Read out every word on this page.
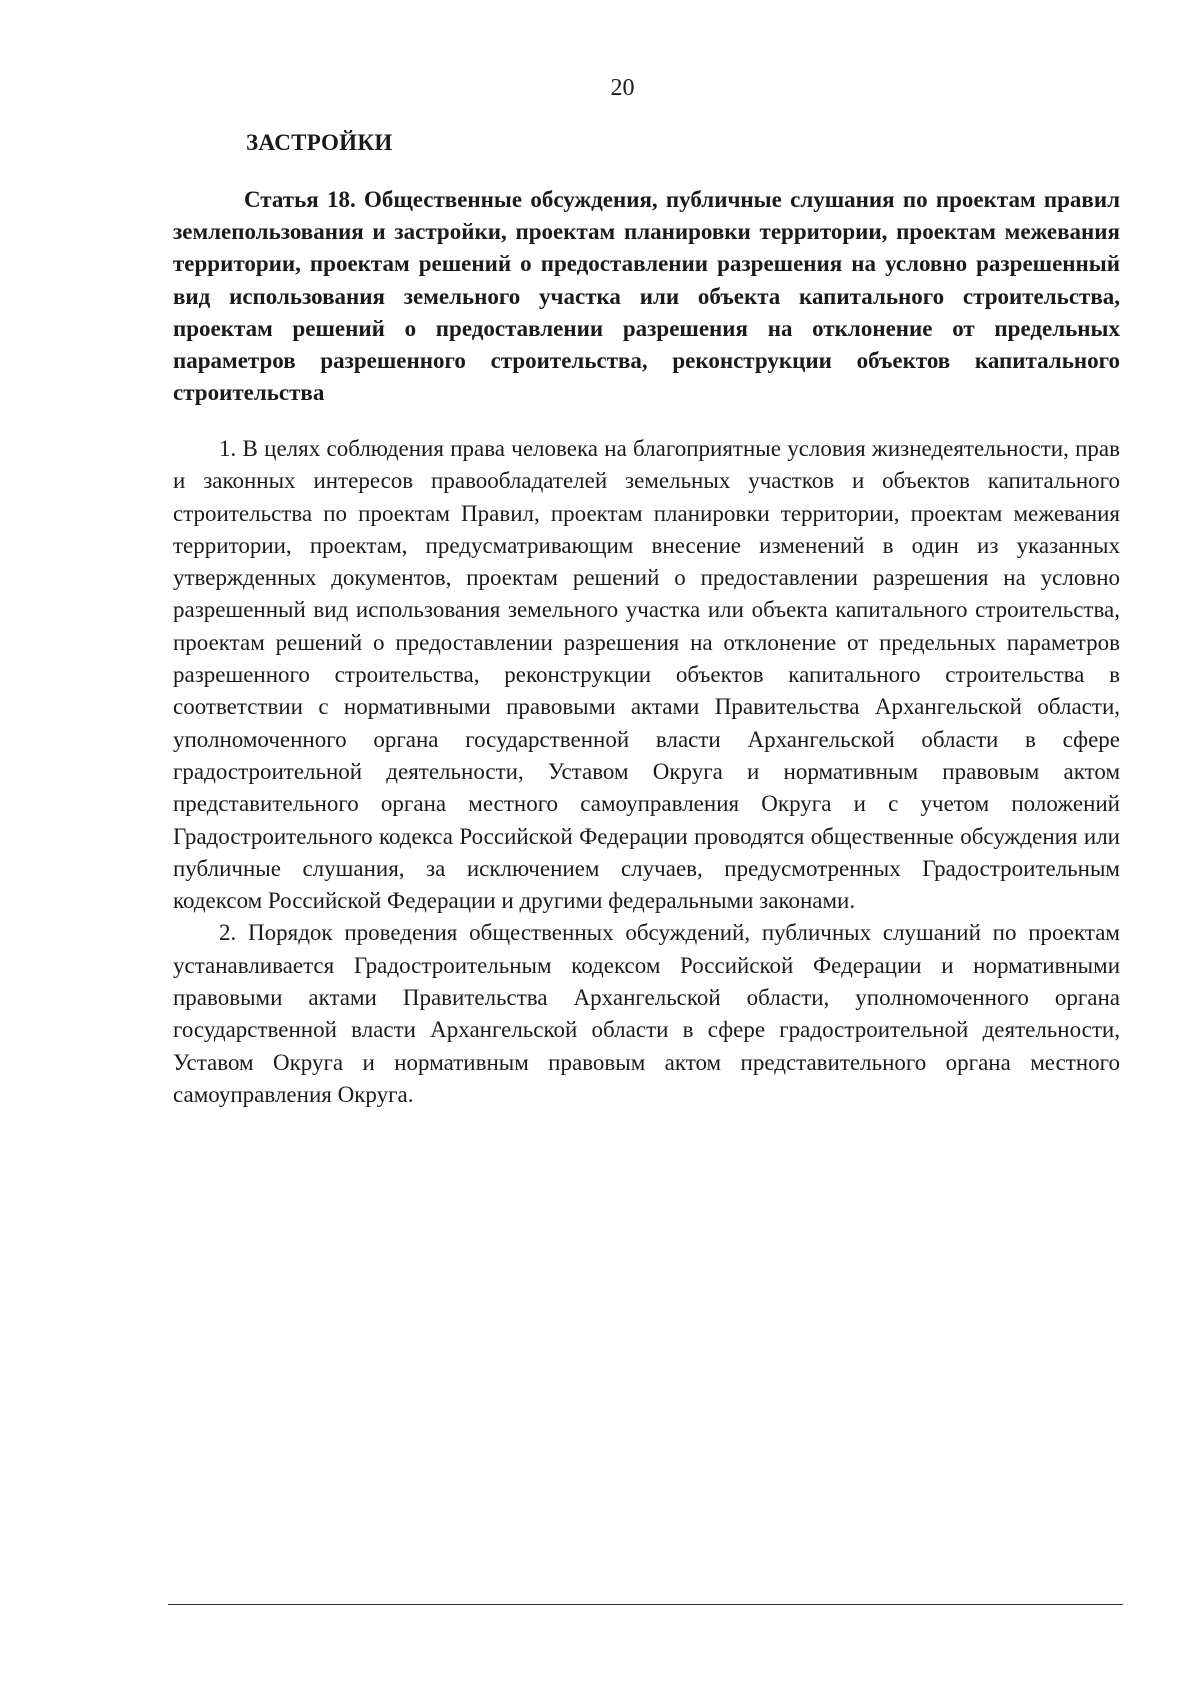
20
ЗАСТРОЙКИ

Статья 18. Общественные обсуждения, публичные слушания по проектам правил землепользования и застройки, проектам планировки территории, проектам межевания территории, проектам решений о предоставлении разрешения на условно разрешенный вид использования земельного участка или объекта капитального строительства, проектам решений о предоставлении разрешения на отклонение от предельных параметров разрешенного строительства, реконструкции объектов капитального строительства

1. В целях соблюдения права человека на благоприятные условия жизнедеятельности, прав и законных интересов правообладателей земельных участков и объектов капитального строительства по проектам Правил, проектам планировки территории, проектам межевания территории, проектам, предусматривающим внесение изменений в один из указанных утвержденных документов, проектам решений о предоставлении разрешения на условно разрешенный вид использования земельного участка или объекта капитального строительства, проектам решений о предоставлении разрешения на отклонение от предельных параметров разрешенного строительства, реконструкции объектов капитального строительства в соответствии с нормативными правовыми актами Правительства Архангельской области, уполномоченного органа государственной власти Архангельской области в сфере градостроительной деятельности, Уставом Округа и нормативным правовым актом представительного органа местного самоуправления Округа и с учетом положений Градостроительного кодекса Российской Федерации проводятся общественные обсуждения или публичные слушания, за исключением случаев, предусмотренных Градостроительным кодексом Российской Федерации и другими федеральными законами.

2. Порядок проведения общественных обсуждений, публичных слушаний по проектам устанавливается Градостроительным кодексом Российской Федерации и нормативными правовыми актами Правительства Архангельской области, уполномоченного органа государственной власти Архангельской области в сфере градостроительной деятельности, Уставом Округа и нормативным правовым актом представительного органа местного самоуправления Округа.
